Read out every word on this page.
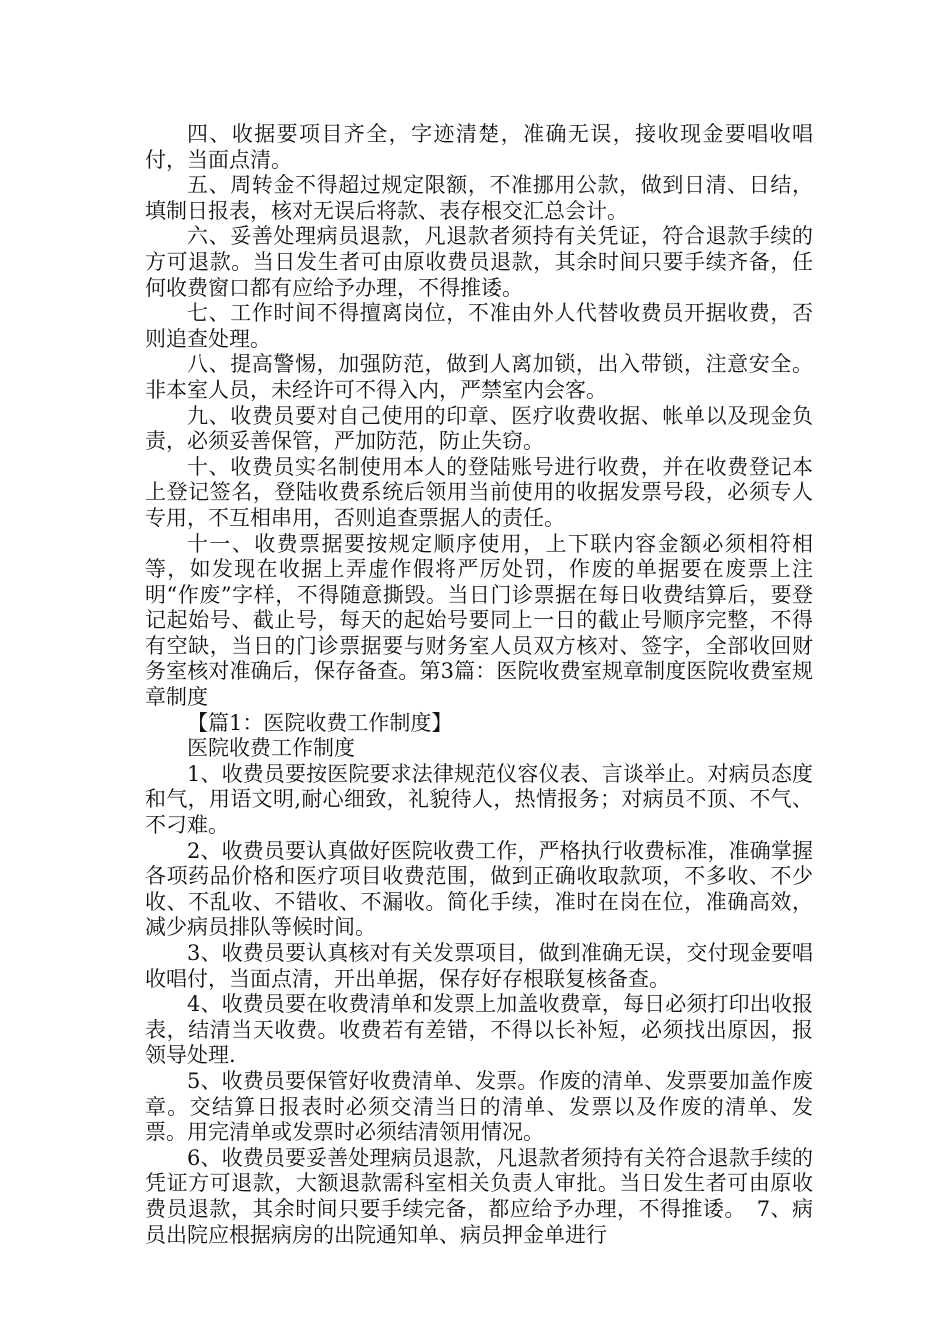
四、收据要项目齐全，字迹清楚，准确无误，接收现金要唱收唱付，当面点清。

五、周转金不得超过规定限额，不准挪用公款，做到日清、日结，填制日报表，核对无误后将款、表存根交汇总会计。

六、妥善处理病员退款，凡退款者须持有关凭证，符合退款手续的方可退款。当日发生者可由原收费员退款，其余时间只要手续齐备，任何收费窗口都有应给予办理，不得推诿。

七、工作时间不得擅离岗位，不准由外人代替收费员开据收费，否则追查处理。

八、提高警惕，加强防范，做到人离加锁，出入带锁，注意安全。非本室人员，未经许可不得入内，严禁室内会客。

九、收费员要对自己使用的印章、医疗收费收据、帐单以及现金负责，必须妥善保管，严加防范，防止失窃。

十、收费员实名制使用本人的登陆账号进行收费，并在收费登记本上登记签名，登陆收费系统后领用当前使用的收据发票号段，必须专人专用，不互相串用，否则追查票据人的责任。

十一、收费票据要按规定顺序使用，上下联内容金额必须相符相等，如发现在收据上弄虚作假将严厉处罚，作废的单据要在废票上注明“作废”字样，不得随意撕毁。当日门诊票据在每日收费结算后，要登记起始号、截止号，每天的起始号要同上一日的截止号顺序完整，不得有空缺，当日的门诊票据要与财务室人员双方核对、签字，全部收回财务室核对准确后，保存备查。第3篇：医院收费室规章制度医院收费室规章制度

【篇1：医院收费工作制度】

医院收费工作制度

1、收费员要按医院要求法律规范仪容仪表、言谈举止。对病员态度和气，用语文明,耐心细致，礼貌待人，热情报务；对病员不顶、不气、不刁难。

2、收费员要认真做好医院收费工作，严格执行收费标准，准确掌握各项药品价格和医疗项目收费范围，做到正确收取款项，不多收、不少收、不乱收、不错收、不漏收。简化手续，准时在岗在位，准确高效，减少病员排队等候时间。

3、收费员要认真核对有关发票项目，做到准确无误，交付现金要唱收唱付，当面点清，开出单据，保存好存根联复核备查。

4、收费员要在收费清单和发票上加盖收费章，每日必须打印出收报表，结清当天收费。收费若有差错，不得以长补短，必须找出原因，报领导处理.

5、收费员要保管好收费清单、发票。作废的清单、发票要加盖作废章。交结算日报表时必须交清当日的清单、发票以及作废的清单、发票。用完清单或发票时必须结清领用情况。

6、收费员要妥善处理病员退款，凡退款者须持有关符合退款手续的凭证方可退款，大额退款需科室相关负责人审批。当日发生者可由原收费员退款，其余时间只要手续完备，都应给予办理，不得推诿。　7、病员出院应根据病房的出院通知单、病员押金单进行
